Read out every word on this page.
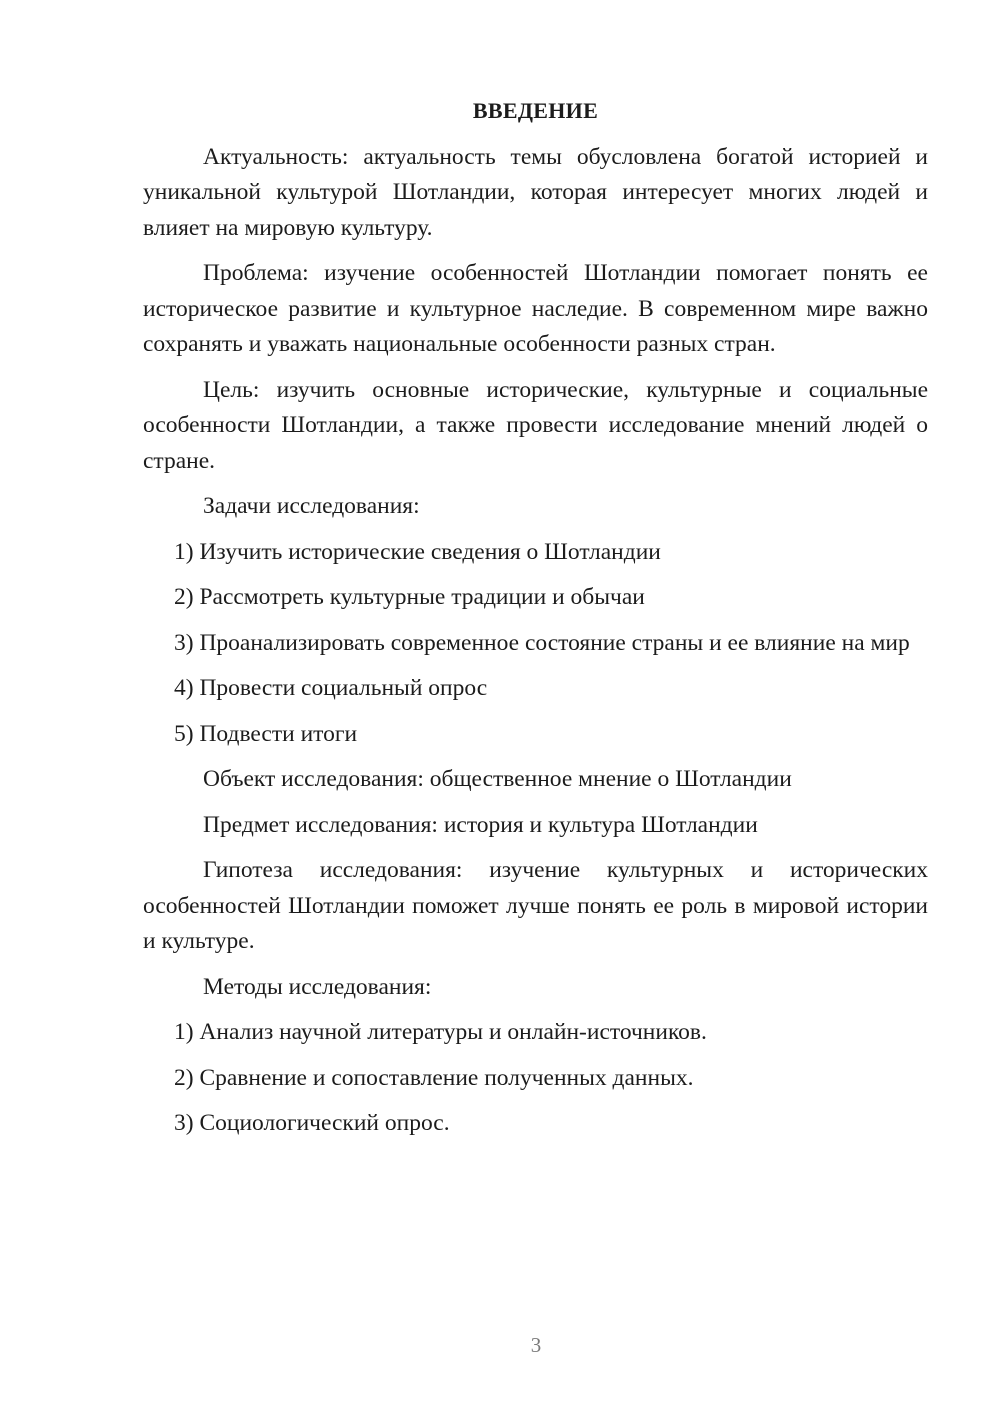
ВВЕДЕНИЕ
Актуальность: актуальность темы обусловлена богатой историей и уникальной культурой Шотландии, которая интересует многих людей и влияет на мировую культуру.
Проблема: изучение особенностей Шотландии помогает понять ее историческое развитие и культурное наследие. В современном мире важно сохранять и уважать национальные особенности разных стран.
Цель: изучить основные исторические, культурные и социальные особенности Шотландии, а также провести исследование мнений людей о стране.
Задачи исследования:
1) Изучить исторические сведения о Шотландии
2) Рассмотреть культурные традиции и обычаи
3) Проанализировать современное состояние страны и ее влияние на мир
4) Провести социальный опрос
5) Подвести итоги
Объект исследования: общественное мнение о Шотландии
Предмет исследования: история и культура Шотландии
Гипотеза исследования: изучение культурных и исторических особенностей Шотландии поможет лучше понять ее роль в мировой истории и культуре.
Методы исследования:
1) Анализ научной литературы и онлайн-источников.
2) Сравнение и сопоставление полученных данных.
3) Социологический опрос.
3
